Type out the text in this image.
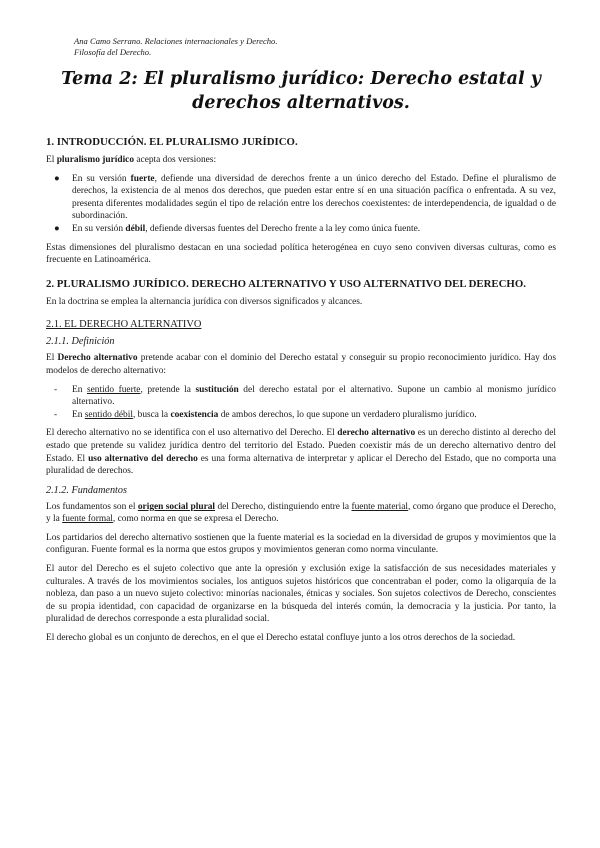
Ana Camo Serrano. Relaciones internacionales y Derecho.
Filosofía del Derecho.
Tema 2: El pluralismo jurídico: Derecho estatal y
derechos alternativos.
1. INTRODUCCIÓN. EL PLURALISMO JURÍDICO.

El pluralismo jurídico acepta dos versiones:

● En su versión fuerte, defiende una diversidad de derechos frente a un único derecho del Estado. Define el pluralismo de derechos, la existencia de al menos dos derechos, que pueden estar entre sí en una situación pacífica o enfrentada. A su vez, presenta diferentes modalidades según el tipo de relación entre los derechos coexistentes: de interdependencia, de igualdad o de subordinación.
● En su versión débil, defiende diversas fuentes del Derecho frente a la ley como única fuente.

Estas dimensiones del pluralismo destacan en una sociedad política heterogénea en cuyo seno conviven diversas culturas, como es frecuente en Latinoamérica.

2. PLURALISMO JURÍDICO. DERECHO ALTERNATIVO Y USO ALTERNATIVO DEL DERECHO.

En la doctrina se emplea la alternancia jurídica con diversos significados y alcances.

2.1. EL DERECHO ALTERNATIVO
2.1.1. Definición

El Derecho alternativo pretende acabar con el dominio del Derecho estatal y conseguir su propio reconocimiento jurídico. Hay dos modelos de derecho alternativo:

- En sentido fuerte, pretende la sustitución del derecho estatal por el alternativo. Supone un cambio al monismo jurídico alternativo.
- En sentido débil, busca la coexistencia de ambos derechos, lo que supone un verdadero pluralismo jurídico.

El derecho alternativo no se identifica con el uso alternativo del Derecho. El derecho alternativo es un derecho distinto al derecho del estado que pretende su validez jurídica dentro del territorio del Estado. Pueden coexistir más de un derecho alternativo dentro del Estado. El uso alternativo del derecho es una forma alternativa de interpretar y aplicar el Derecho del Estado, que no comporta una pluralidad de derechos.

2.1.2. Fundamentos

Los fundamentos son el origen social plural del Derecho, distinguiendo entre la fuente material, como órgano que produce el Derecho, y la fuente formal, como norma en que se expresa el Derecho.

Los partidarios del derecho alternativo sostienen que la fuente material es la sociedad en la diversidad de grupos y movimientos que la configuran. Fuente formal es la norma que estos grupos y movimientos generan como norma vinculante.

El autor del Derecho es el sujeto colectivo que ante la opresión y exclusión exige la satisfacción de sus necesidades materiales y culturales. A través de los movimientos sociales, los antiguos sujetos históricos que concentraban el poder, como la oligarquía de la nobleza, dan paso a un nuevo sujeto colectivo: minorías nacionales, étnicas y sociales. Son sujetos colectivos de Derecho, conscientes de su propia identidad, con capacidad de organizarse en la búsqueda del interés común, la democracia y la justicia. Por tanto, la pluralidad de derechos corresponde a esta pluralidad social.

El derecho global es un conjunto de derechos, en el que el Derecho estatal confluye junto a los otros derechos de la sociedad.
